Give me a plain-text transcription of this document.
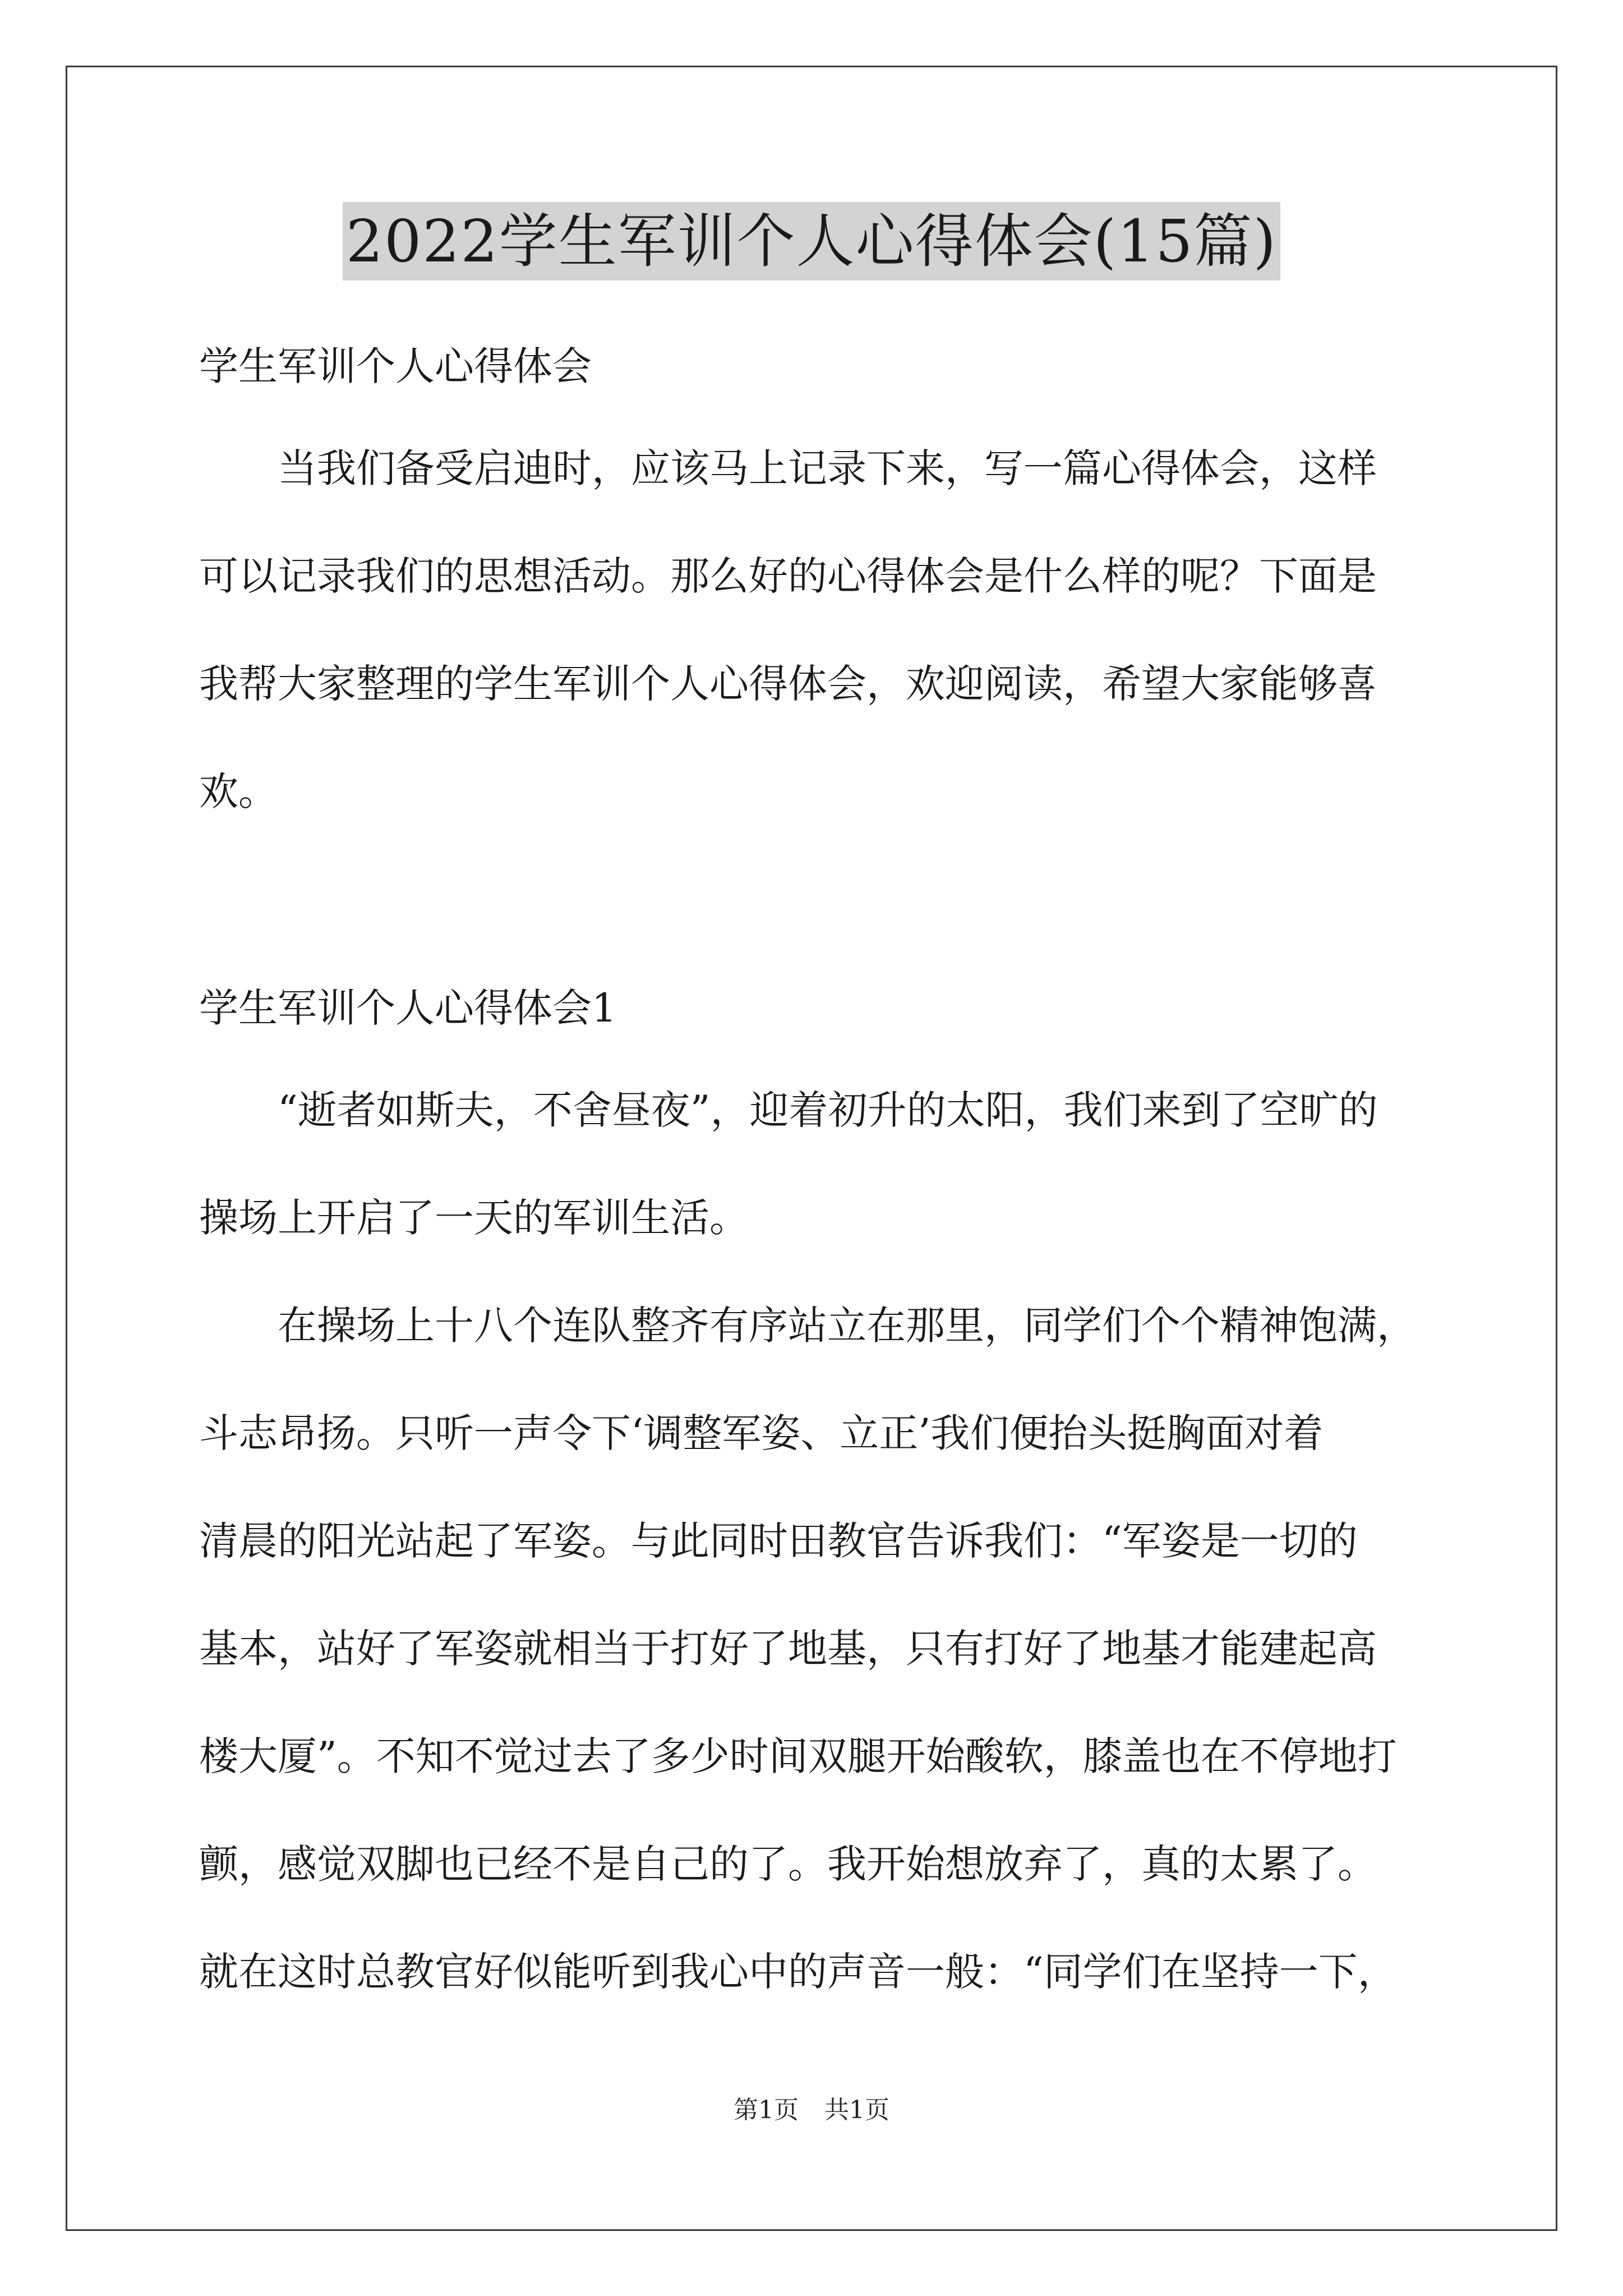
2022学生军训个人心得体会(15篇)

学生军训个人心得体会

当我们备受启迪时，应该马上记录下来，写一篇心得体会，这样

可以记录我们的思想活动。那么好的心得体会是什么样的呢？下面是

我帮大家整理的学生军训个人心得体会，欢迎阅读，希望大家能够喜

欢。

学生军训个人心得体会1

“逝者如斯夫，不舍昼夜”，迎着初升的太阳，我们来到了空旷的

操场上开启了一天的军训生活。

在操场上十八个连队整齐有序站立在那里，同学们个个精神饱满，

斗志昂扬。只听一声令下‘调整军姿、立正’我们便抬头挺胸面对着

清晨的阳光站起了军姿。与此同时田教官告诉我们：“军姿是一切的

基本，站好了军姿就相当于打好了地基，只有打好了地基才能建起高

楼大厦”。不知不觉过去了多少时间双腿开始酸软，膝盖也在不停地打

颤，感觉双脚也已经不是自己的了。我开始想放弃了，真的太累了。

就在这时总教官好似能听到我心中的声音一般：“同学们在坚持一下，

第1页 共1页
